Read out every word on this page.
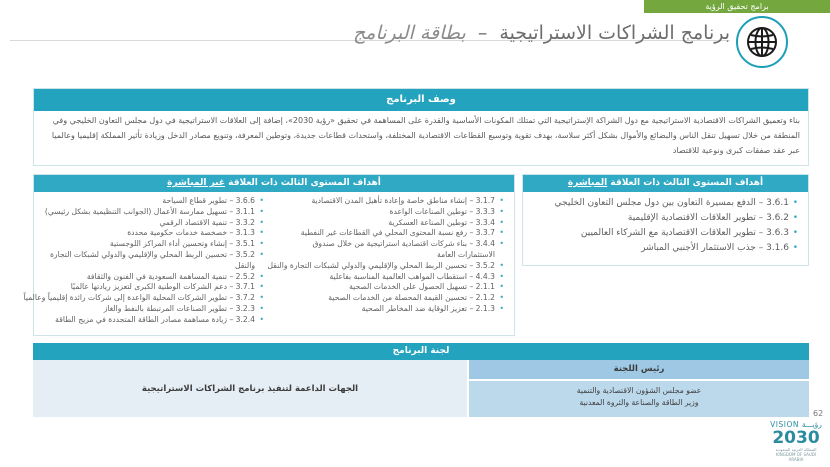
برامج تحقيق الرؤية
برنامج الشراكات الاستراتيجية – بطاقة البرنامج
وصف البرنامج
بناء وتعميق الشراكات الاقتصادية الاستراتيجية مع دول الشراكة الإستراتيجية التي تمتلك المكونات الأساسية والقدرة على المساهمة في تحقيق «رؤية 2030»، إضافة إلى العلاقات الاستراتيجية في دول مجلس التعاون الخليجي وفي المنطقة من خلال تسهيل تنقل الناس والبضائع والأموال بشكل أكثر سلاسة، بهدف تقوية وتوسيع القطاعات الاقتصادية المختلفة، واستحداث قطاعات جديدة، وتوطين المعرفة، وتنويع مصادر الدخل وزيادة تأثير المملكة إقليميا وعالميا عبر عقد صفقات كبرى ونوعية للاقتصاد
أهداف المستوى الثالث ذات العلاقة المباشرة
• 3.6.1 – الدفع بمسيرة التعاون بين دول مجلس التعاون الخليجي
• 3.6.2 – تطوير العلاقات الاقتصادية الإقليمية
• 3.6.3 – تطوير العلاقات الاقتصادية مع الشركاء العالميين
• 3.1.6 – جذب الاستثمار الأجنبي المباشر
أهداف المستوى الثالث ذات العلاقة غير المباشرة
• 3.1.7 – إنشاء مناطق خاصة وإعادة تأهيل المدن الاقتصادية
• 3.3.3 – توطين الصناعات الواعدة
• 3.3.4 – توطين الصناعة العسكرية
• 3.3.7 – رفع نسبة المحتوى المحلي في القطاعات غير النفطية
• 3.4.4 – بناء شركات اقتصادية استراتيجية من خلال صندوق الاستثمارات العامة
• 3.5.2 – تحسين الربط المحلي والإقليمي والدولي لشبكات التجارة والنقل
• 4.4.3 – استقطاب المواهب العالمية المناسبة بفاعلية
• 2.1.1 – تسهيل الحصول على الخدمات الصحية
• 2.1.2 – تحسين القيمة المحصلة من الخدمات الصحية
• 2.1.3 – تعزيز الوقاية ضد المخاطر الصحية
• 3.6.6 – تطوير قطاع السياحة
• 3.1.1 – تسهيل ممارسة الأعمال (الجوانب التنظيمية بشكل رئيسي)
• 3.3.2 – تنمية الاقتصاد الرقمي
• 3.1.3 – خصخصة خدمات حكومية محددة
• 3.5.1 – إنشاء وتحسين أداء المراكز اللوجستية
• 3.5.2 – تحسين الربط المحلي والإقليمي والدولي لشبكات التجارة والنقل
• 2.5.2 – تنمية المساهمة السعودية في الفنون والثقافة
• 3.7.1 – دعم الشركات الوطنية الكبرى لتعزيز ريادتها عالميًا
• 3.7.2 – تطوير الشركات المحلية الواعدة إلى شركات رائدة إقليمياً وعالمياً
• 3.2.3 – تطوير الصناعات المرتبطة بالنفط والغاز
• 3.2.4 – زيادة مساهمة مصادر الطاقة المتجددة في مزيج الطاقة
لجنة البرنامج
الجهات الداعمة لتنفيذ برنامج الشراكات الاستراتيجية
رئيس اللجنة
عضو مجلس الشؤون الاقتصادية والتنمية
وزير الطاقة والصناعة والثروة المعدنية
62
VISION رؤيـــة
2030
المملكة العربية السعودية KINGDOM OF SAUDI ARABIA
